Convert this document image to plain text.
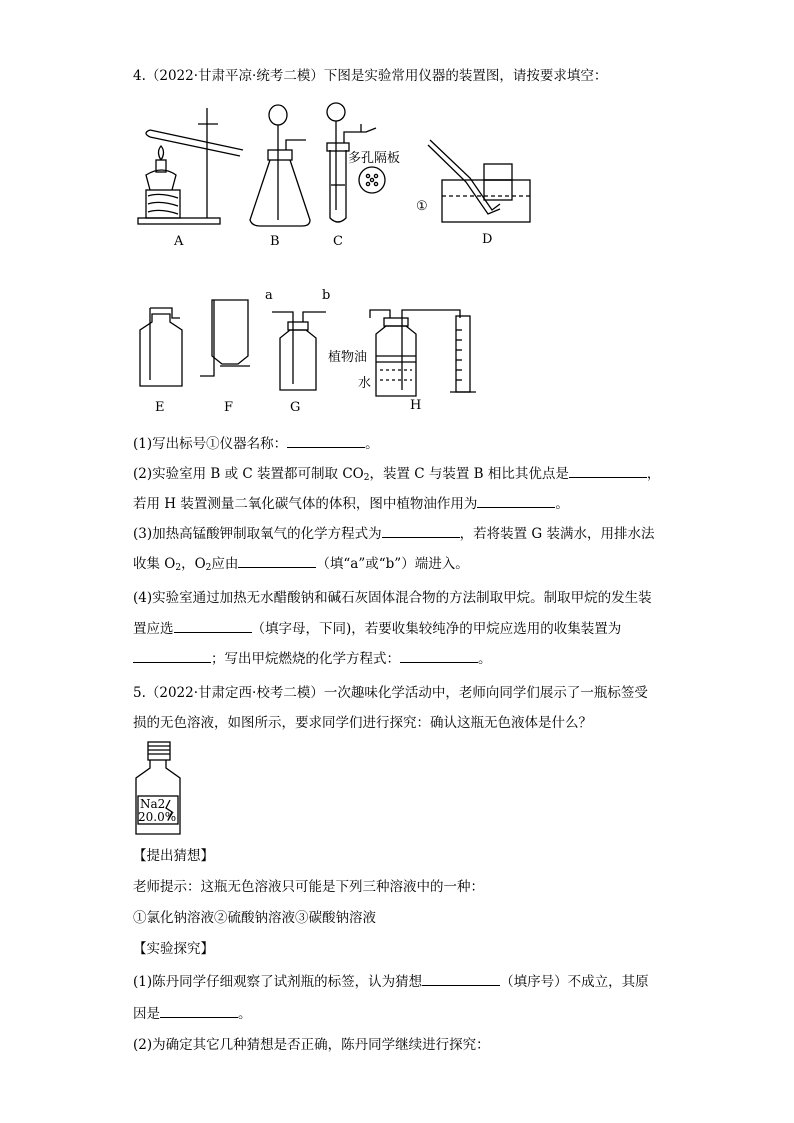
4.（2022·甘肃平凉·统考二模）下图是实验常用仪器的装置图，请按要求填空：
A	B	C	D
多孔隔板
①
E	F	G	H
a	b
植物油
水
(1)写出标号①仪器名称：	。
(2)实验室用 B 或 C 装置都可制取 $CO_2$，装置 C 与装置 B 相比其优点是	，
若用 H 装置测量二氧化碳气体的体积，图中植物油作用为	。
(3)加热高锰酸钾制取氧气的化学方程式为	，若将装置 G 装满水，用排水法
收集 $O_2$，$O_2$应由	（填“a”或“b”）端进入。
(4)实验室通过加热无水醋酸钠和碱石灰固体混合物的方法制取甲烷。制取甲烷的发生装
置应选	（填字母，下同)，若要收集较纯净的甲烷应选用的收集装置为
；写出甲烷燃烧的化学方程式：	。
5.（2022·甘肃定西·校考二模）一次趣味化学活动中，老师向同学们展示了一瓶标签受
损的无色溶液，如图所示，要求同学们进行探究：确认这瓶无色液体是什么？
Na2
20.0%
【提出猜想】
老师提示：这瓶无色溶液只可能是下列三种溶液中的一种：
①氯化钠溶液②硫酸钠溶液③碳酸钠溶液
【实验探究】
(1)陈丹同学仔细观察了试剂瓶的标签，认为猜想	（填序号）不成立，其原
因是	。
(2)为确定其它几种猜想是否正确，陈丹同学继续进行探究：
